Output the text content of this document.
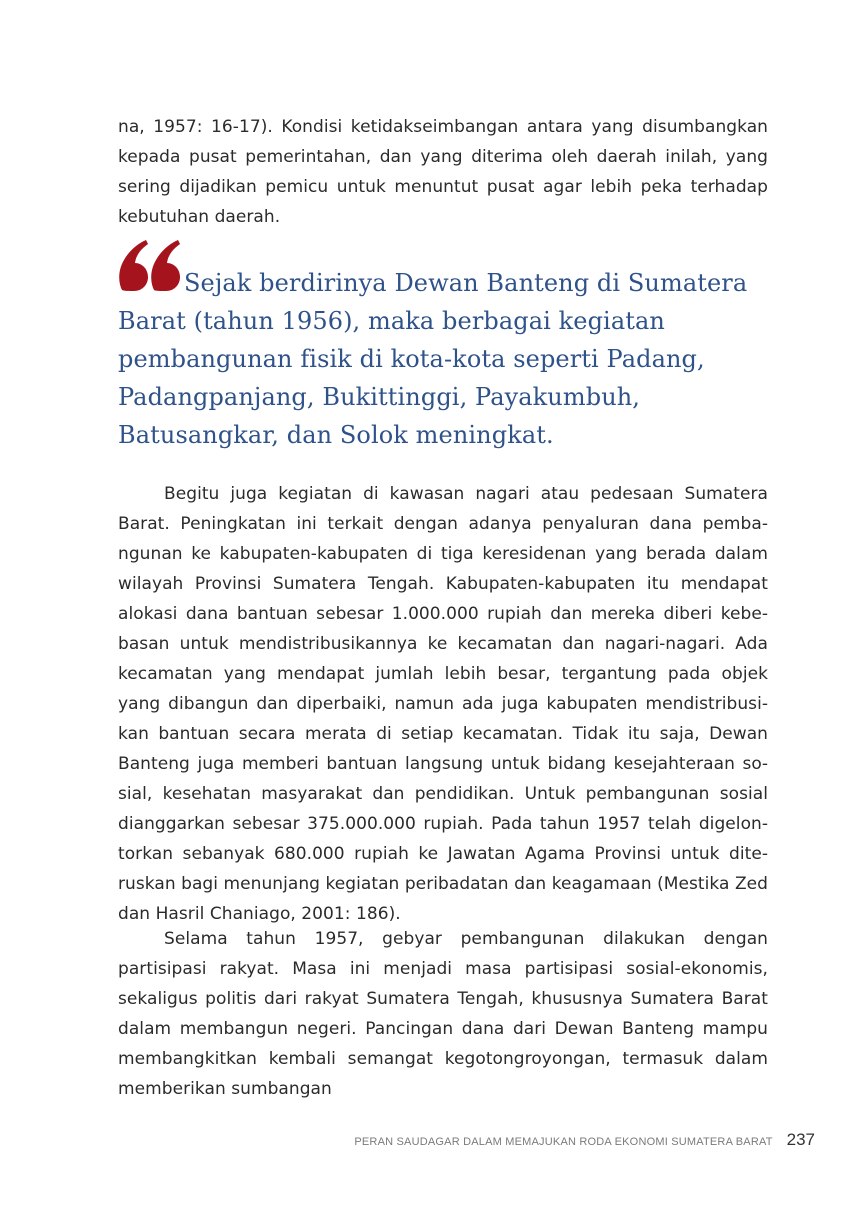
na, 1957: 16-17). Kondisi ketidakseimbangan antara yang disumbangkan kepada pusat pemerintahan, dan yang diterima oleh daerah inilah, yang sering dijadikan pemicu untuk menuntut pusat agar lebih peka terhadap kebutuhan daerah.

Sejak berdirinya Dewan Banteng di Sumatera Barat (tahun 1956), maka berbagai kegiatan pembangunan fisik di kota-kota seperti Padang, Padangpanjang, Bukittinggi, Payakumbuh, Batusangkar, dan Solok meningkat.

Begitu juga kegiatan di kawasan nagari atau pedesaan Sumatera Barat. Peningkatan ini terkait dengan adanya penyaluran dana pembangunan ke kabupaten-kabupaten di tiga keresidenan yang berada dalam wilayah Provinsi Sumatera Tengah. Kabupaten-kabupaten itu mendapat alokasi dana bantuan sebesar 1.000.000 rupiah dan mereka diberi kebebasan untuk mendistribusikannya ke kecamatan dan nagari-nagari. Ada kecamatan yang mendapat jumlah lebih besar, tergantung pada objek yang dibangun dan diperbaiki, namun ada juga kabupaten mendistribusikan bantuan secara merata di setiap kecamatan. Tidak itu saja, Dewan Banteng juga memberi bantuan langsung untuk bidang kesejahteraan sosial, kesehatan masyarakat dan pendidikan. Untuk pembangunan sosial dianggarkan sebesar 375.000.000 rupiah. Pada tahun 1957 telah digelontorkan sebanyak 680.000 rupiah ke Jawatan Agama Provinsi untuk diteruskan bagi menunjang kegiatan peribadatan dan keagamaan (Mestika Zed dan Hasril Chaniago, 2001: 186).

Selama tahun 1957, gebyar pembangunan dilakukan dengan partisipasi rakyat. Masa ini menjadi masa partisipasi sosial-ekonomis, sekaligus politis dari rakyat Sumatera Tengah, khususnya Sumatera Barat dalam membangun negeri. Pancingan dana dari Dewan Banteng mampu membangkitkan kembali semangat kegotongroyongan, termasuk dalam memberikan sumbangan

PERAN SAUDAGAR DALAM MEMAJUKAN RODA EKONOMI SUMATERA BARAT 237
